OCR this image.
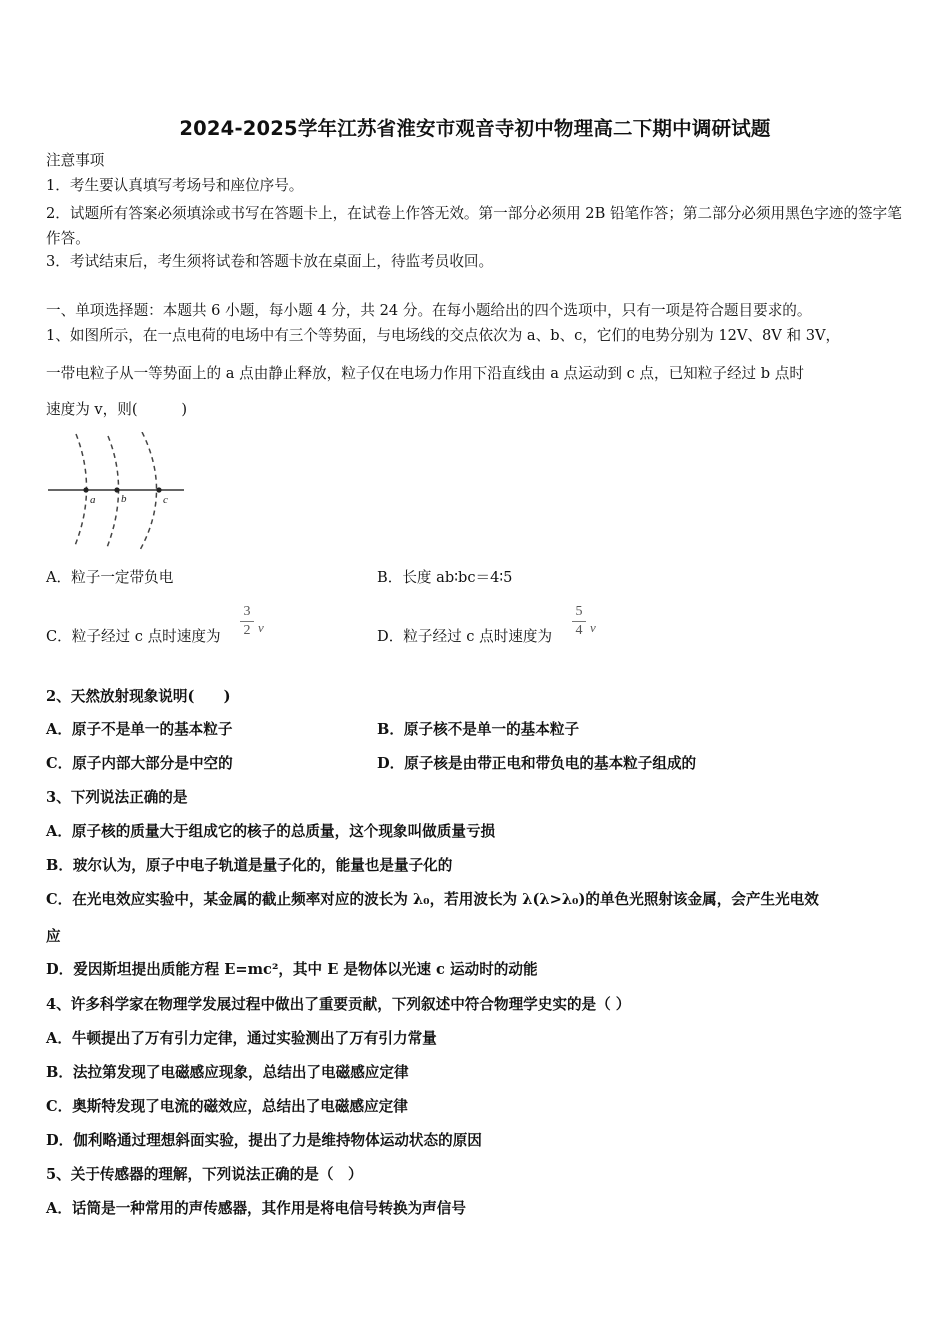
2024-2025学年江苏省淮安市观音寺初中物理高二下期中调研试题
注意事项
1．考生要认真填写考场号和座位序号。
2．试题所有答案必须填涂或书写在答题卡上，在试卷上作答无效。第一部分必须用 2B 铅笔作答；第二部分必须用黑色字迹的签字笔作答。
3．考试结束后，考生须将试卷和答题卡放在桌面上，待监考员收回。
一、单项选择题：本题共 6 小题，每小题 4 分，共 24 分。在每小题给出的四个选项中，只有一项是符合题目要求的。
1、如图所示，在一点电荷的电场中有三个等势面，与电场线的交点依次为 a、b、c，它们的电势分别为 12V、8V 和 3V，
一带电粒子从一等势面上的 a 点由静止释放，粒子仅在电场力作用下沿直线由 a 点运动到 c 点，已知粒子经过 b 点时
速度为 v，则(　　　)
a b	c
A．粒子一定带负电	B．长度 ab∶bc＝4∶5
C．粒子经过 c 点时速度为
3
2 v
D．粒子经过 c 点时速度为
5
4 v
2、天然放射现象说明(　　)
A．原子不是单一的基本粒子	B．原子核不是单一的基本粒子
C．原子内部大部分是中空的	D．原子核是由带正电和带负电的基本粒子组成的
3、下列说法正确的是
A．原子核的质量大于组成它的核子的总质量，这个现象叫做质量亏损
B．玻尔认为，原子中电子轨道是量子化的，能量也是量子化的
C．在光电效应实验中，某金属的截止频率对应的波长为 λ₀，若用波长为 λ(λ>λ₀)的单色光照射该金属，会产生光电效
应
D．爱因斯坦提出质能方程 E=mc²，其中 E 是物体以光速 c 运动时的动能
4、许多科学家在物理学发展过程中做出了重要贡献，下列叙述中符合物理学史实的是（ ）
A．牛顿提出了万有引力定律，通过实验测出了万有引力常量
B．法拉第发现了电磁感应现象，总结出了电磁感应定律
C．奥斯特发现了电流的磁效应，总结出了电磁感应定律
D．伽利略通过理想斜面实验，提出了力是维持物体运动状态的原因
5、关于传感器的理解，下列说法正确的是（　）
A．话筒是一种常用的声传感器，其作用是将电信号转换为声信号
